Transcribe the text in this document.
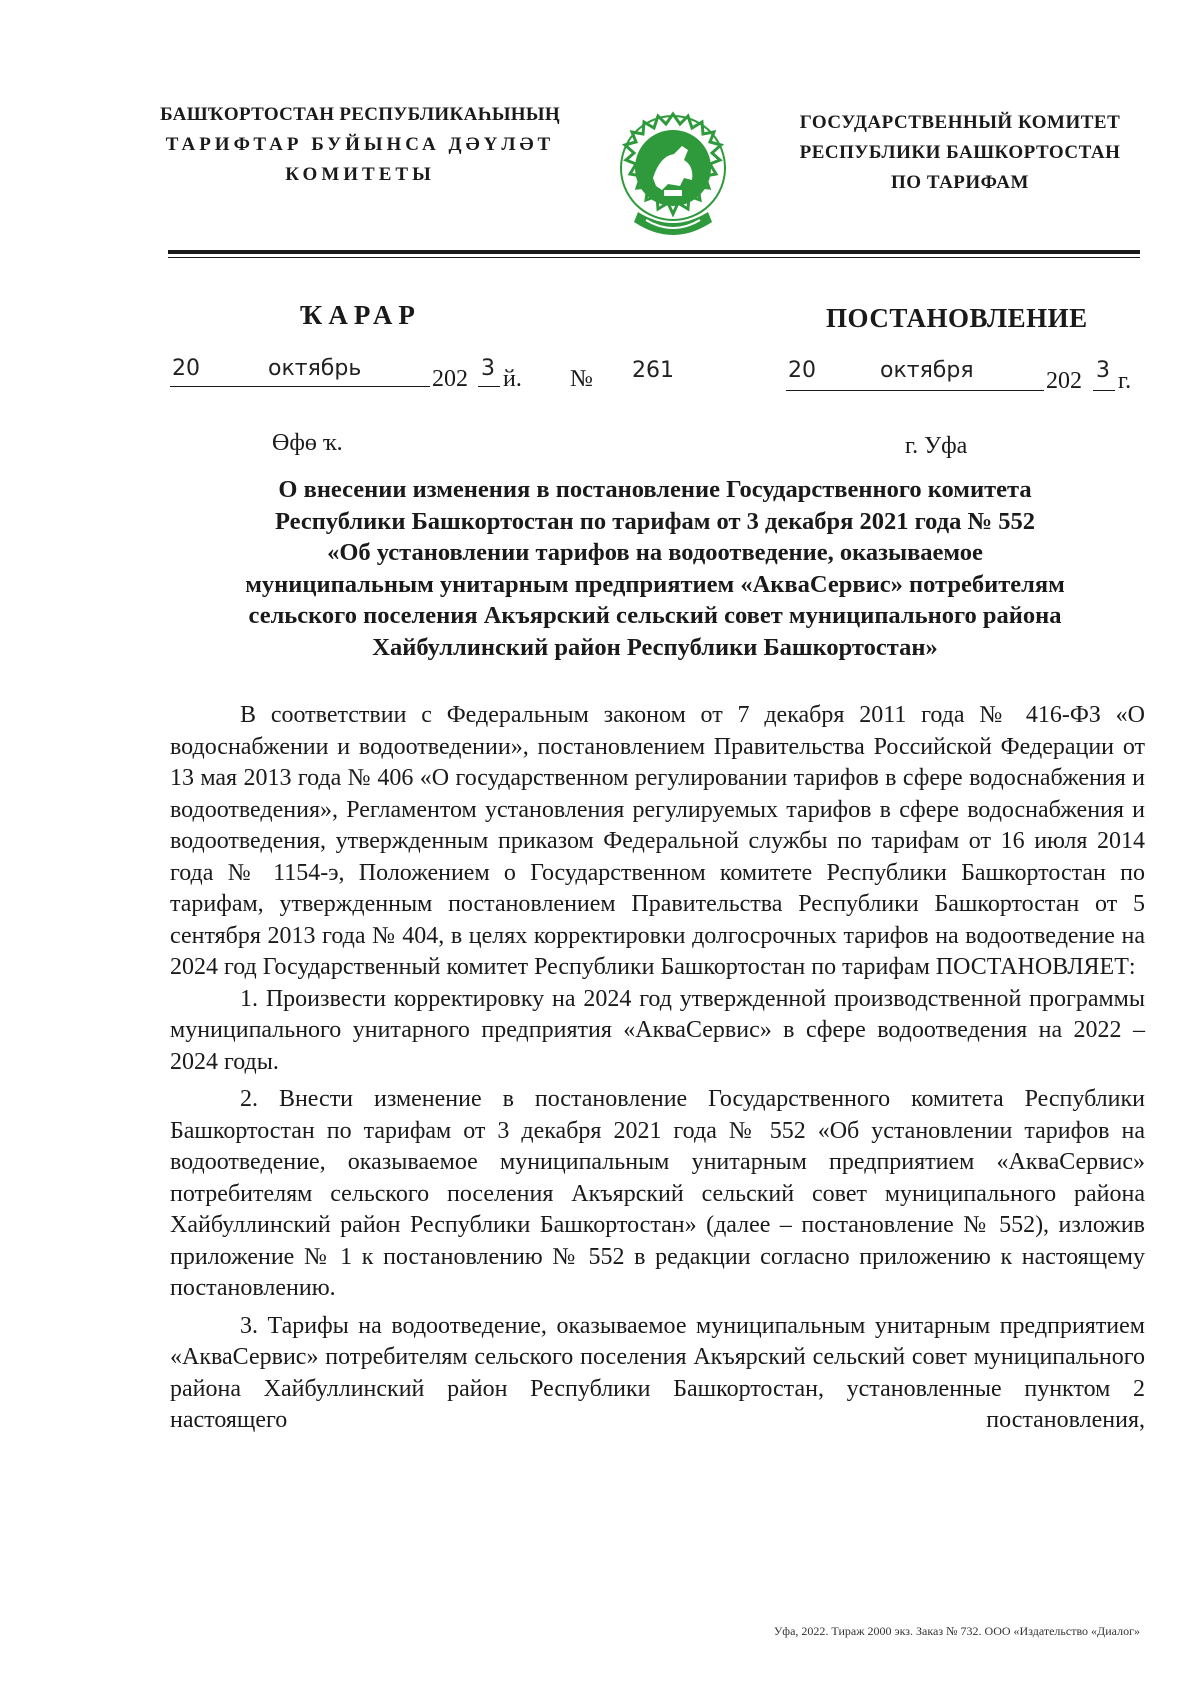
БАШҠОРТОСТАН РЕСПУБЛИКАҺЫНЫҢ
ТАРИФТАР БУЙЫНСА ДӘҮЛӘТ
КОМИТЕТЫ
ГОСУДАРСТВЕННЫЙ КОМИТЕТ
РЕСПУБЛИКИ БАШКОРТОСТАН
ПО ТАРИФАМ
ҠАРАР	ПОСТАНОВЛЕНИЕ
20	октябрь	202 3 й. № 261	20	октября	202 3 г.
Өфө ҡ.	г. Уфа
О внесении изменения в постановление Государственного комитета
Республики Башкортостан по тарифам от 3 декабря 2021 года № 552
«Об установлении тарифов на водоотведение, оказываемое
муниципальным унитарным предприятием «АкваСервис» потребителям
сельского поселения Акъярский сельский совет муниципального района
Хайбуллинский район Республики Башкортостан»

В соответствии с Федеральным законом от 7 декабря 2011 года № 416-ФЗ «О водоснабжении и водоотведении», постановлением Правительства Российской Федерации от 13 мая 2013 года № 406 «О государственном регулировании тарифов в сфере водоснабжения и водоотведения», Регламентом установления регулируемых тарифов в сфере водоснабжения и водоотведения, утвержденным приказом Федеральной службы по тарифам от 16 июля 2014 года № 1154-э, Положением о Государственном комитете Республики Башкортостан по тарифам, утвержденным постановлением Правительства Республики Башкортостан от 5 сентября 2013 года № 404, в целях корректировки долгосрочных тарифов на водоотведение на 2024 год Государственный комитет Республики Башкортостан по тарифам ПОСТАНОВЛЯЕТ:

1. Произвести корректировку на 2024 год утвержденной производственной программы муниципального унитарного предприятия «АкваСервис» в сфере водоотведения на 2022 – 2024 годы.

2. Внести изменение в постановление Государственного комитета Республики Башкортостан по тарифам от 3 декабря 2021 года № 552 «Об установлении тарифов на водоотведение, оказываемое муниципальным унитарным предприятием «АкваСервис» потребителям сельского поселения Акъярский сельский совет муниципального района Хайбуллинский район Республики Башкортостан» (далее – постановление № 552), изложив приложение № 1 к постановлению № 552 в редакции согласно приложению к настоящему постановлению.

3. Тарифы на водоотведение, оказываемое муниципальным унитарным предприятием «АкваСервис» потребителям сельского поселения Акъярский сельский совет муниципального района Хайбуллинский район Республики Башкортостан, установленные пунктом 2 настоящего постановления,

Уфа, 2022. Тираж 2000 экз. Заказ № 732. ООО «Издательство «Диалог»
